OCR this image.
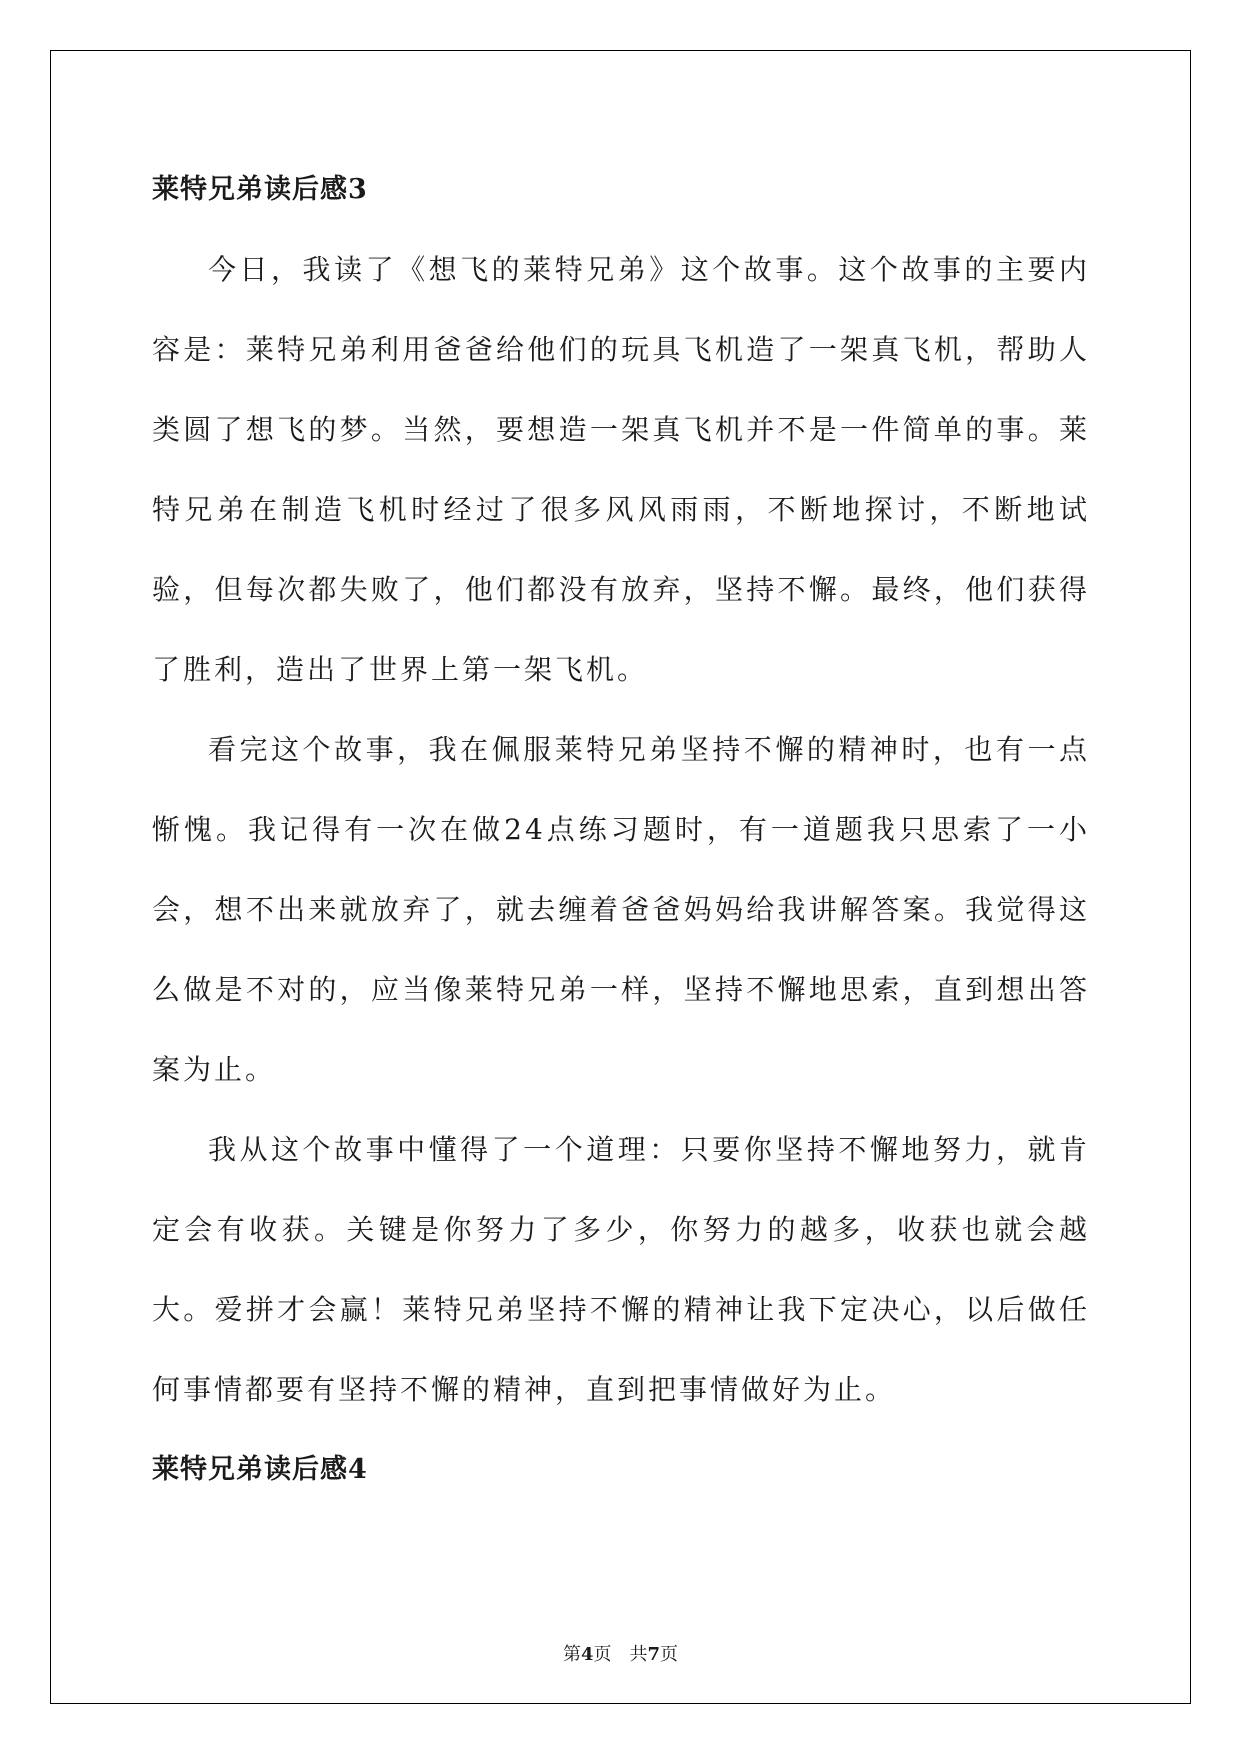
莱特兄弟读后感3

今日，我读了《想飞的莱特兄弟》这个故事。这个故事的主要内容是：莱特兄弟利用爸爸给他们的玩具飞机造了一架真飞机，帮助人类圆了想飞的梦。当然，要想造一架真飞机并不是一件简单的事。莱特兄弟在制造飞机时经过了很多风风雨雨，不断地探讨，不断地试验，但每次都失败了，他们都没有放弃，坚持不懈。最终，他们获得了胜利，造出了世界上第一架飞机。

看完这个故事，我在佩服莱特兄弟坚持不懈的精神时，也有一点惭愧。我记得有一次在做24点练习题时，有一道题我只思索了一小会，想不出来就放弃了，就去缠着爸爸妈妈给我讲解答案。我觉得这么做是不对的，应当像莱特兄弟一样，坚持不懈地思索，直到想出答案为止。

我从这个故事中懂得了一个道理：只要你坚持不懈地努力，就肯定会有收获。关键是你努力了多少，你努力的越多，收获也就会越大。爱拼才会赢！莱特兄弟坚持不懈的精神让我下定决心，以后做任何事情都要有坚持不懈的精神，直到把事情做好为止。

莱特兄弟读后感4
第4页 共7页
